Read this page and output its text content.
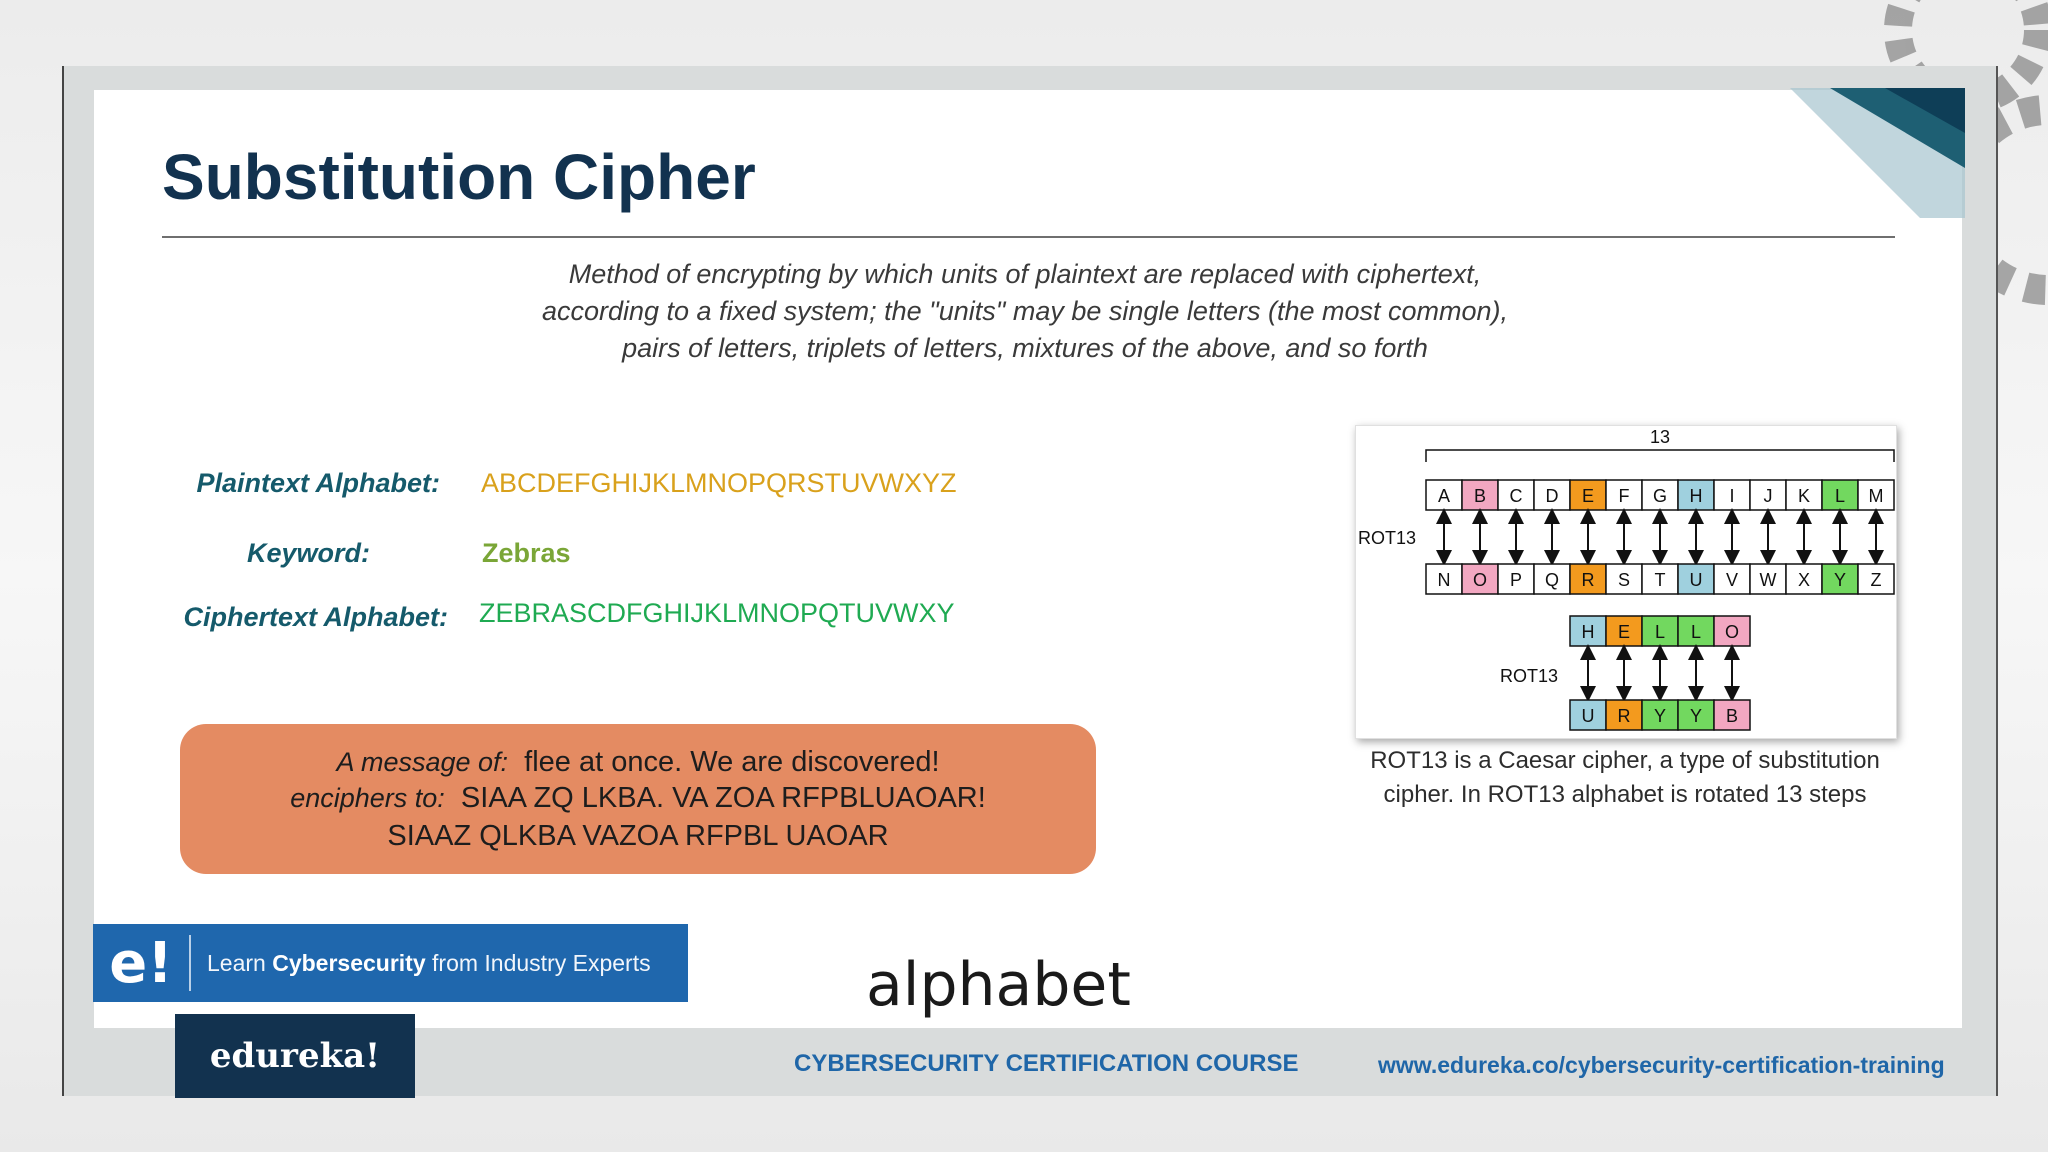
Substitution Cipher
Method of encrypting by which units of plaintext are replaced with ciphertext, according to a fixed system; the "units" may be single letters (the most common), pairs of letters, triplets of letters, mixtures of the above, and so forth
Plaintext Alphabet: ABCDEFGHIJKLMNOPQRSTUVWXYZ
Keyword:	Zebras
Ciphertext Alphabet: ZEBRASCDFGHIJKLMNOPQTUVWXY
A message of: flee at once. We are discovered!
enciphers to: SIAA ZQ LKBA. VA ZOA RFPBLUAOAR!
SIAAZ QLKBA VAZOA RFPBL UAOAR
13
A B C D E F G H I J K L M
N O P Q R S T U V W X Y Z
ROT13
H E L L O
U R Y Y B
ROT13
ROT13 is a Caesar cipher, a type of substitution cipher. In ROT13 alphabet is rotated 13 steps
e!	Learn Cybersecurity from Industry Experts	alphabet
edureka!	CYBERSECURITY CERTIFICATION COURSE	www.edureka.co/cybersecurity-certification-training
